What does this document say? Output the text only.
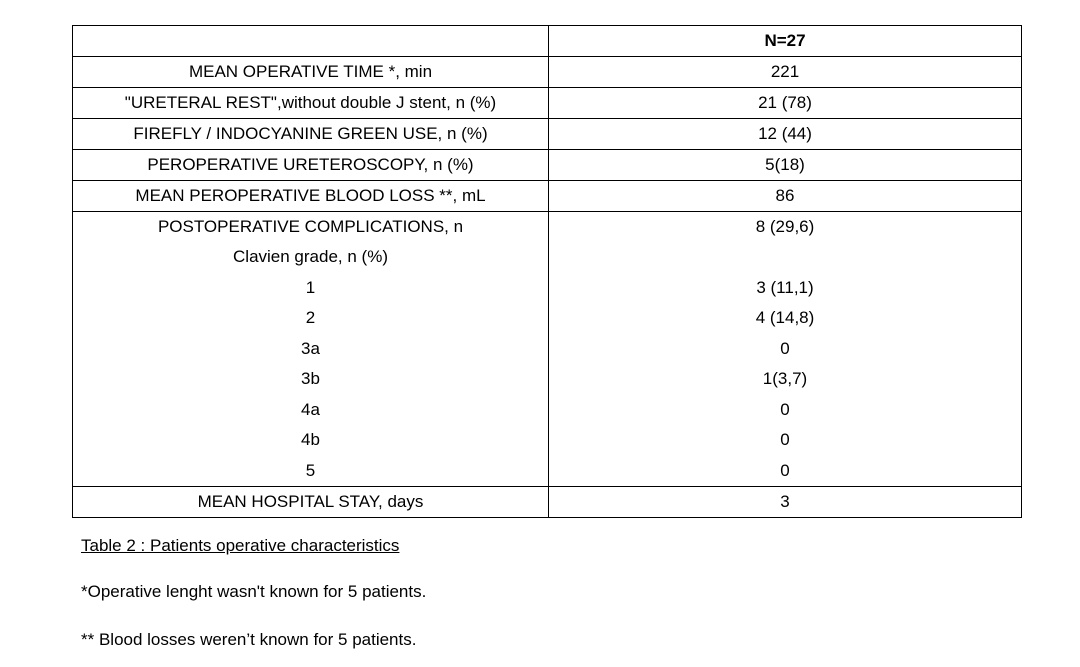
	N=27
MEAN OPERATIVE TIME *, min	221
"URETERAL REST",without double J stent, n (%)	21 (78)
FIREFLY / INDOCYANINE GREEN USE, n (%)	12 (44)
PEROPERATIVE URETEROSCOPY, n (%)	5(18)
MEAN PEROPERATIVE BLOOD LOSS **, mL	86
POSTOPERATIVE COMPLICATIONS, n	8 (29,6)
Clavien grade, n (%)	
1	3 (11,1)
2	4 (14,8)
3a	0
3b	1(3,7)
4a	0
4b	0
5	0
MEAN HOSPITAL STAY, days	3
Table 2 : Patients operative characteristics
*Operative lenght wasn't known for 5 patients.
** Blood losses weren’t known for 5 patients.
